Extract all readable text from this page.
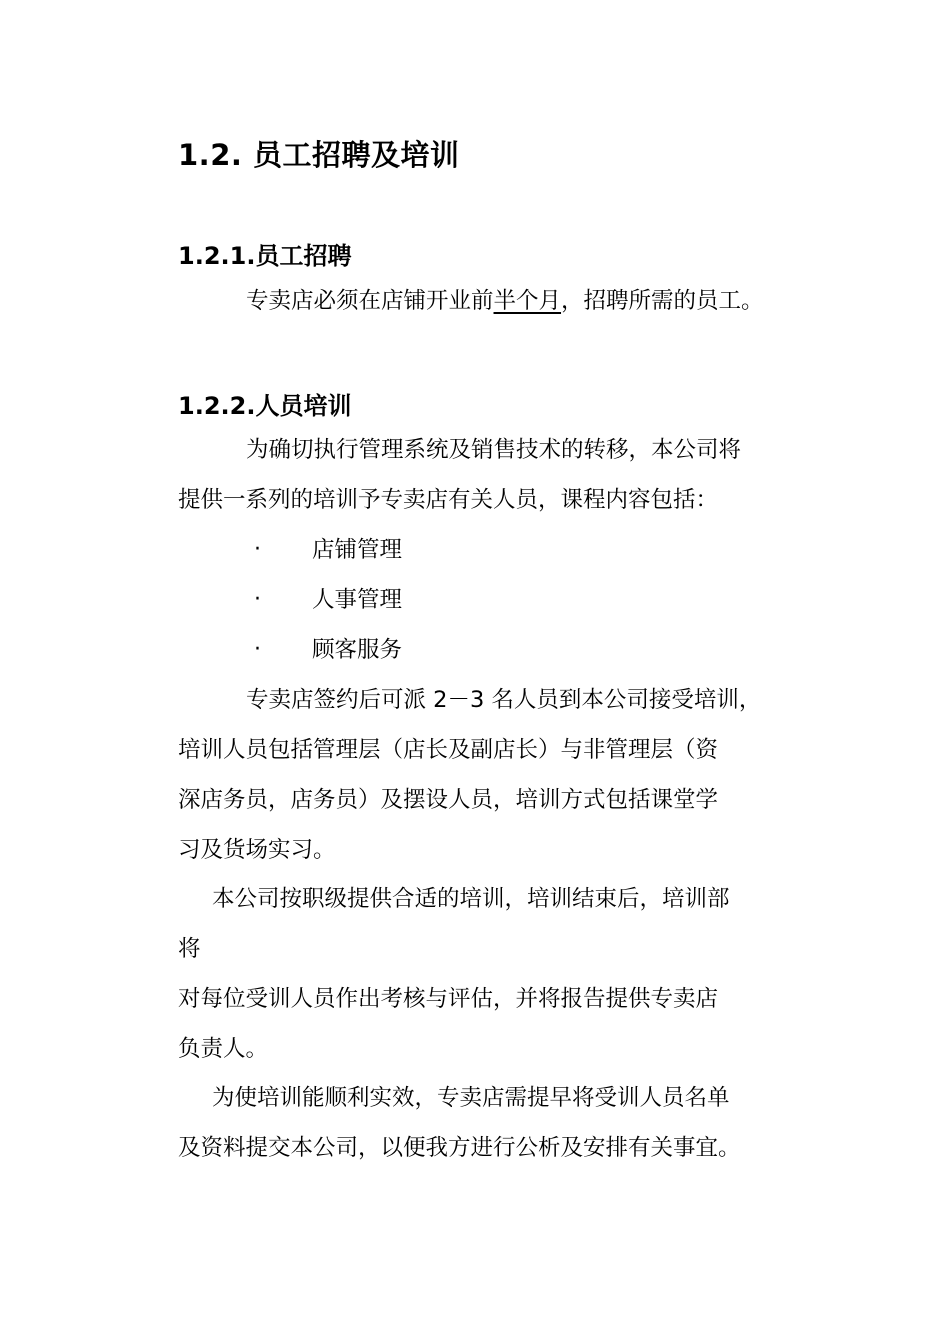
1.2. 员工招聘及培训
1.2.1.员工招聘
专卖店必须在店铺开业前半个月，招聘所需的员工。
1.2.2.人员培训
为确切执行管理系统及销售技术的转移，本公司将
提供一系列的培训予专卖店有关人员，课程内容包括：
· 店铺管理
· 人事管理
· 顾客服务
专卖店签约后可派 2－3 名人员到本公司接受培训，
培训人员包括管理层（店长及副店长）与非管理层（资
深店务员，店务员）及摆设人员，培训方式包括课堂学
习及货场实习。
本公司按职级提供合适的培训，培训结束后，培训部
将
对每位受训人员作出考核与评估，并将报告提供专卖店
负责人。
为使培训能顺利实效，专卖店需提早将受训人员名单
及资料提交本公司，以便我方进行公析及安排有关事宜。
